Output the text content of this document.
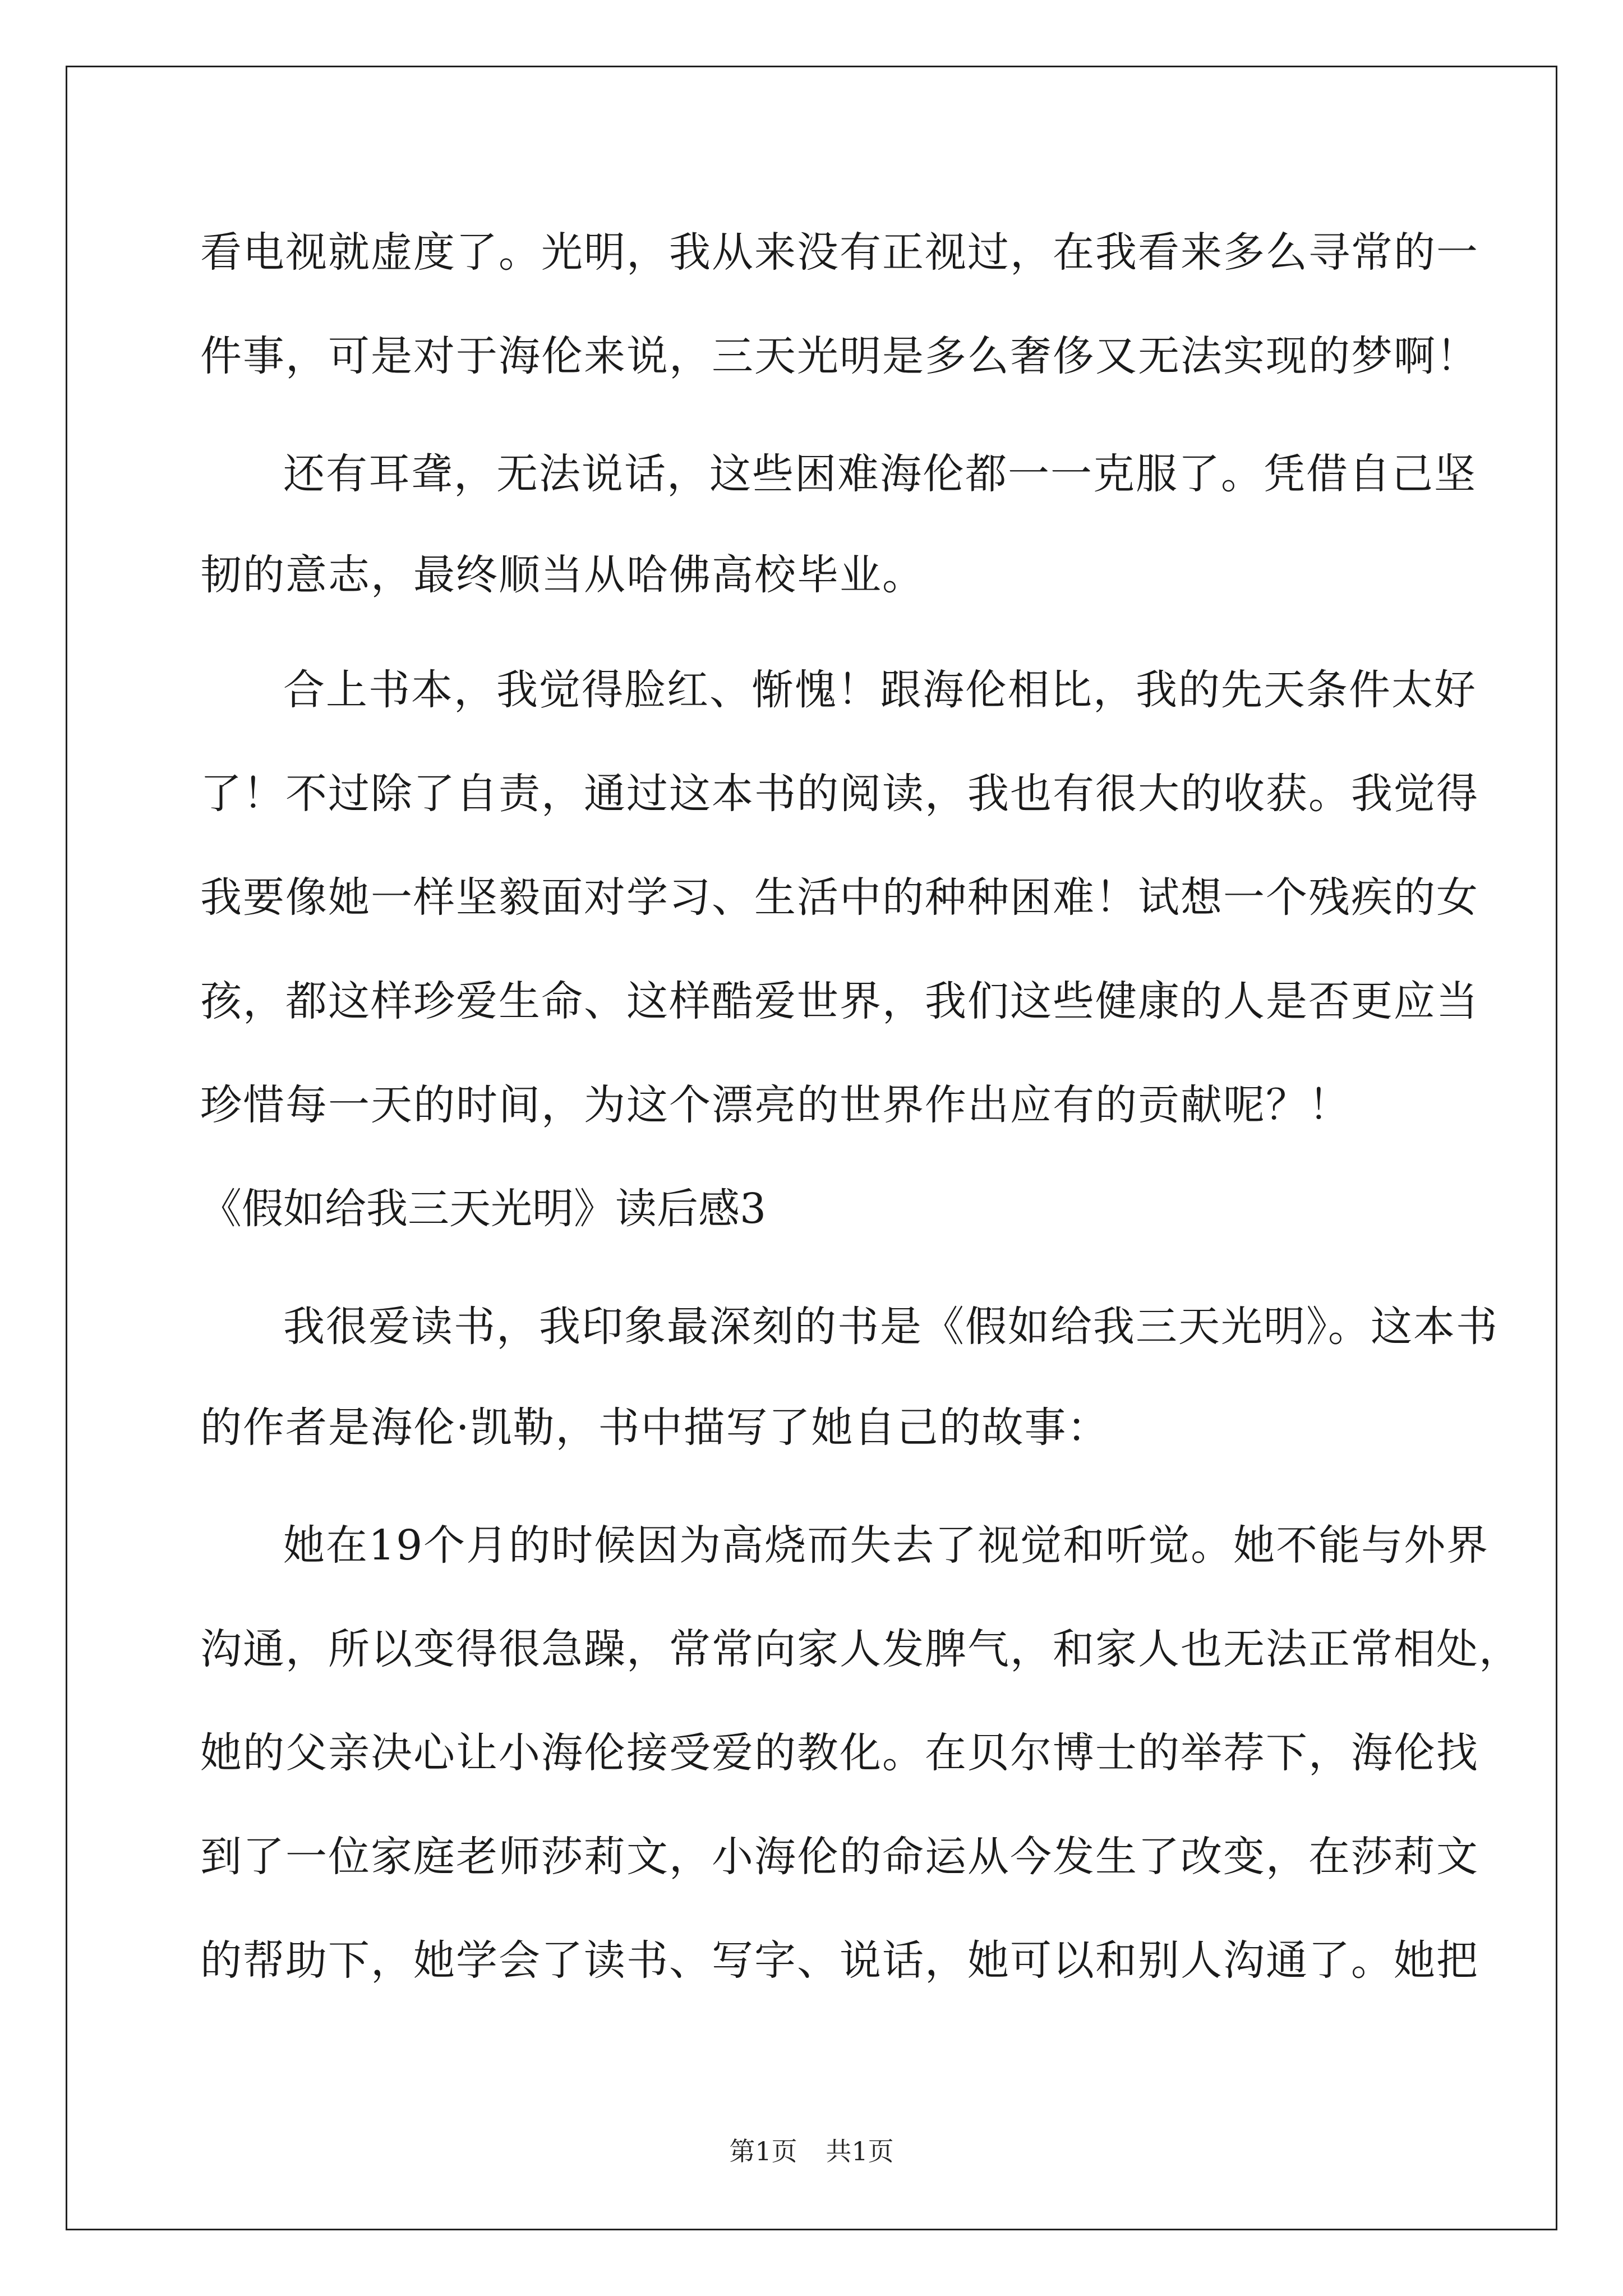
看电视就虚度了。光明，我从来没有正视过，在我看来多么寻常的一
件事，可是对于海伦来说，三天光明是多么奢侈又无法实现的梦啊！
还有耳聋，无法说话，这些困难海伦都一一克服了。凭借自己坚
韧的意志，最终顺当从哈佛高校毕业。
合上书本，我觉得脸红、惭愧！跟海伦相比，我的先天条件太好
了！不过除了自责，通过这本书的阅读，我也有很大的收获。我觉得
我要像她一样坚毅面对学习、生活中的种种困难！试想一个残疾的女
孩，都这样珍爱生命、这样酷爱世界，我们这些健康的人是否更应当
珍惜每一天的时间，为这个漂亮的世界作出应有的贡献呢？！
《假如给我三天光明》读后感3
我很爱读书，我印象最深刻的书是《假如给我三天光明》。这本书
的作者是海伦·凯勒，书中描写了她自己的故事：
她在19个月的时候因为高烧而失去了视觉和听觉。她不能与外界
沟通，所以变得很急躁，常常向家人发脾气，和家人也无法正常相处，
她的父亲决心让小海伦接受爱的教化。在贝尔博士的举荐下，海伦找
到了一位家庭老师莎莉文，小海伦的命运从今发生了改变，在莎莉文
的帮助下，她学会了读书、写字、说话，她可以和别人沟通了。她把
第1页 共1页
